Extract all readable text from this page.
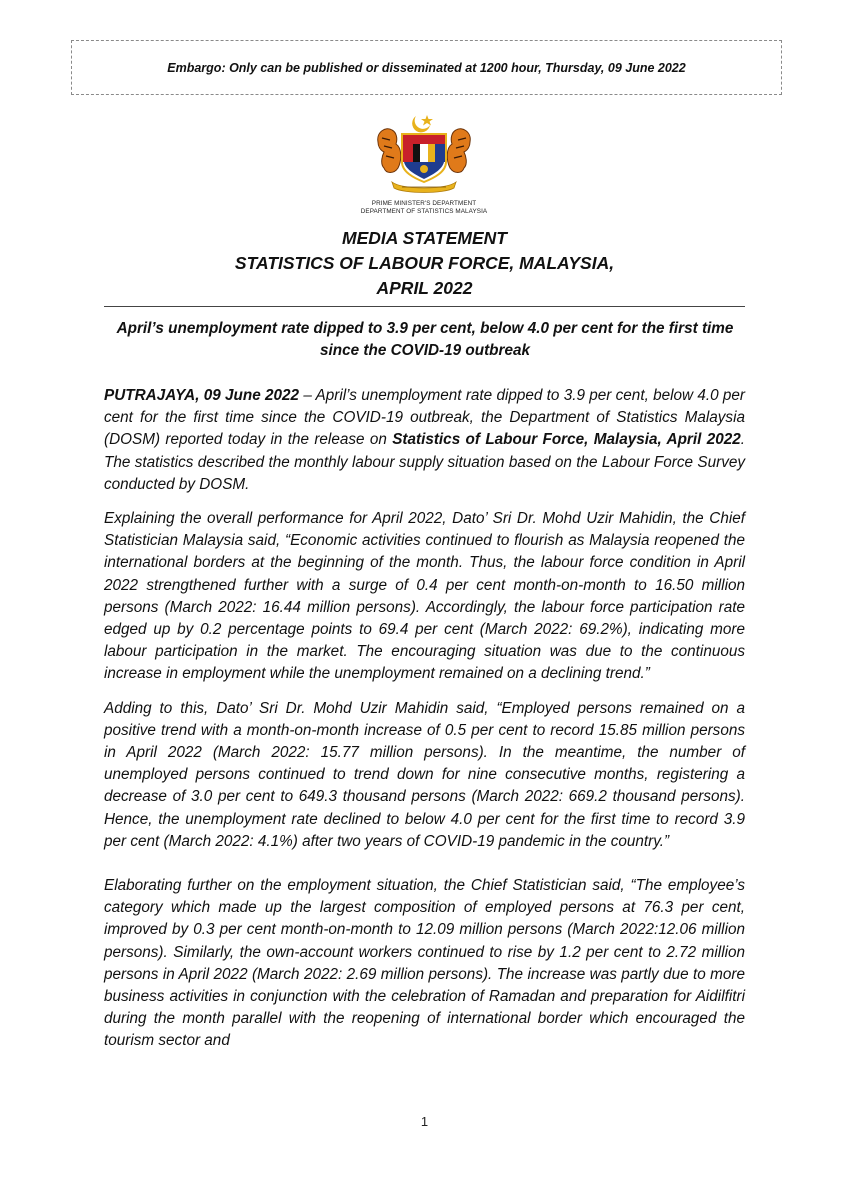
Embargo: Only can be published or disseminated at 1200 hour, Thursday, 09 June 2022
PRIME MINISTER'S DEPARTMENT
DEPARTMENT OF STATISTICS MALAYSIA
MEDIA STATEMENT
STATISTICS OF LABOUR FORCE, MALAYSIA,
APRIL 2022
April’s unemployment rate dipped to 3.9 per cent, below 4.0 per cent for the first time since the COVID-19 outbreak

PUTRAJAYA, 09 June 2022 – April’s unemployment rate dipped to 3.9 per cent, below 4.0 per cent for the first time since the COVID-19 outbreak, the Department of Statistics Malaysia (DOSM) reported today in the release on Statistics of Labour Force, Malaysia, April 2022. The statistics described the monthly labour supply situation based on the Labour Force Survey conducted by DOSM.

Explaining the overall performance for April 2022, Dato’ Sri Dr. Mohd Uzir Mahidin, the Chief Statistician Malaysia said, “Economic activities continued to flourish as Malaysia reopened the international borders at the beginning of the month. Thus, the labour force condition in April 2022 strengthened further with a surge of 0.4 per cent month-on-month to 16.50 million persons (March 2022: 16.44 million persons). Accordingly, the labour force participation rate edged up by 0.2 percentage points to 69.4 per cent (March 2022: 69.2%), indicating more labour participation in the market. The encouraging situation was due to the continuous increase in employment while the unemployment remained on a declining trend.”

Adding to this, Dato’ Sri Dr. Mohd Uzir Mahidin said, “Employed persons remained on a positive trend with a month-on-month increase of 0.5 per cent to record 15.85 million persons in April 2022 (March 2022: 15.77 million persons). In the meantime, the number of unemployed persons continued to trend down for nine consecutive months, registering a decrease of 3.0 per cent to 649.3 thousand persons (March 2022: 669.2 thousand persons). Hence, the unemployment rate declined to below 4.0 per cent for the first time to record 3.9 per cent (March 2022: 4.1%) after two years of COVID-19 pandemic in the country.”

Elaborating further on the employment situation, the Chief Statistician said, “The employee’s category which made up the largest composition of employed persons at 76.3 per cent, improved by 0.3 per cent month-on-month to 12.09 million persons (March 2022:12.06 million persons). Similarly, the own-account workers continued to rise by 1.2 per cent to 2.72 million persons in April 2022 (March 2022: 2.69 million persons). The increase was partly due to more business activities in conjunction with the celebration of Ramadan and preparation for Aidilfitri during the month parallel with the reopening of international border which encouraged the tourism sector and

1
